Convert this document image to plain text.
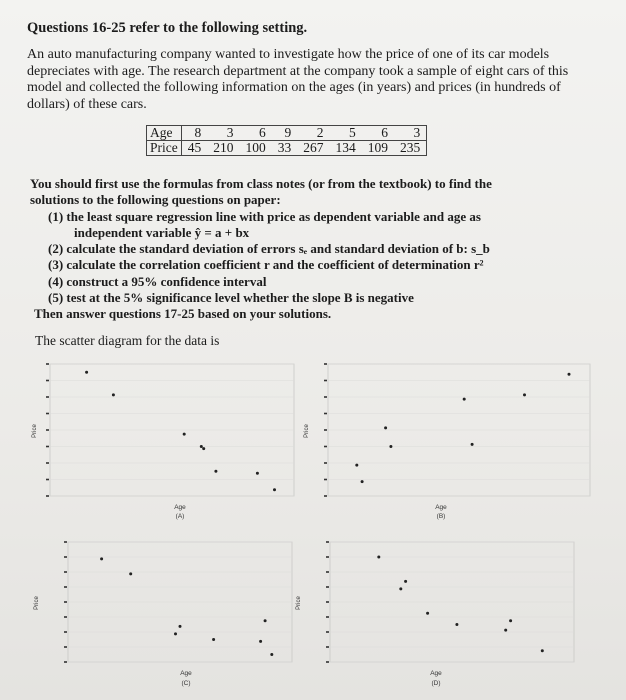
Questions 16-25 refer to the following setting.
An auto manufacturing company wanted to investigate how the price of one of its car models depreciates with age. The research department at the company took a sample of eight cars of this model and collected the following information on the ages (in years) and prices (in hundreds of dollars) of these cars.
Age	8	3	6	9	2	5	6	3
Price	45	210	100	33	267	134	109	235
You should first use the formulas from class notes (or from the textbook) to find the
solutions to the following questions on paper:
(1) the least square regression line with price as dependent variable and age as
independent variable ŷ = a + bx
(2) calculate the standard deviation of errors sₑ and standard deviation of b: s_b
(3) calculate the correlation coefficient r and the coefficient of determination r²
(4) construct a 95% confidence interval
(5) test at the 5% significance level whether the slope B is negative
Then answer questions 17-25 based on your solutions.
The scatter diagram for the data is
Age
(A)
Price
Age
(B)
Price
Age
(C)
Price
Age
(D)
Price
